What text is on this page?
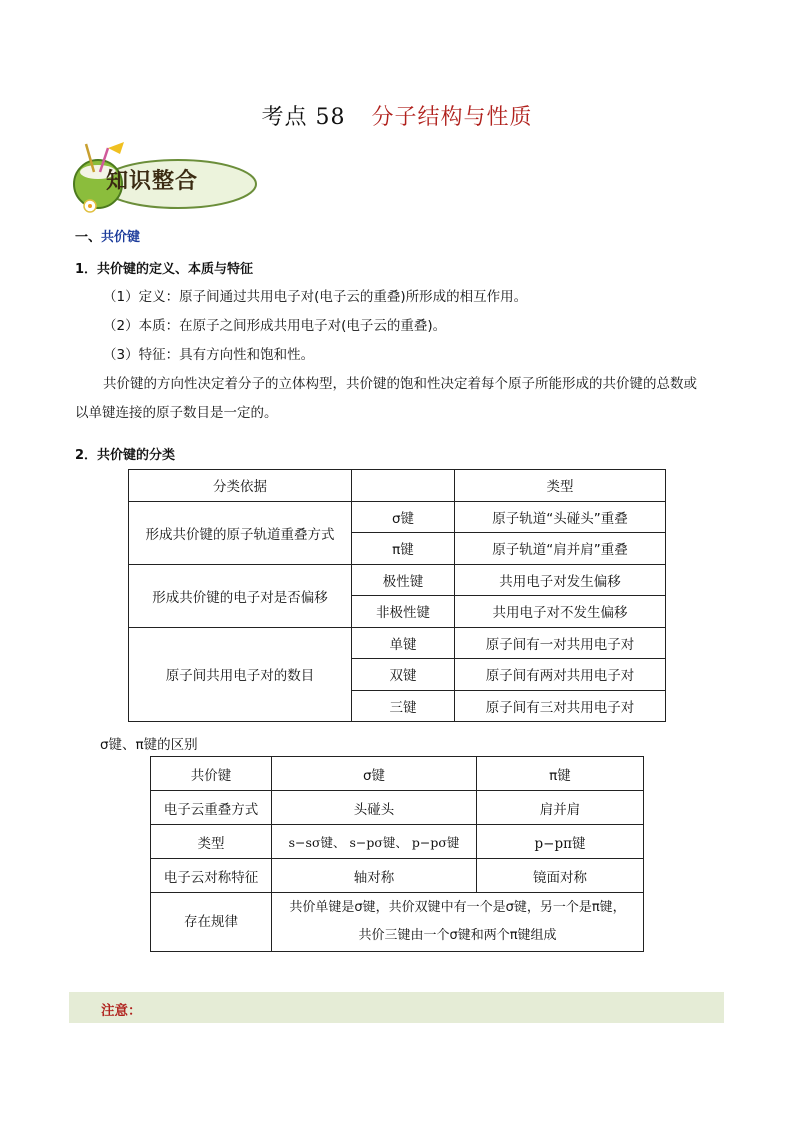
考点 58 分子结构与性质
知识整合
一、共价键
1．共价键的定义、本质与特征
（1）定义：原子间通过共用电子对(电子云的重叠)所形成的相互作用。
（2）本质：在原子之间形成共用电子对(电子云的重叠)。
（3）特征：具有方向性和饱和性。
共价键的方向性决定着分子的立体构型，共价键的饱和性决定着每个原子所能形成的共价键的总数或
以单键连接的原子数目是一定的。
2．共价键的分类
分类依据		类型
形成共价键的原子轨道重叠方式	σ键	原子轨道“头碰头”重叠
	π键	原子轨道“肩并肩”重叠
形成共价键的电子对是否偏移	极性键	共用电子对发生偏移
	非极性键	共用电子对不发生偏移
原子间共用电子对的数目	单键	原子间有一对共用电子对
	双键	原子间有两对共用电子对
	三键	原子间有三对共用电子对
σ键、π键的区别
共价键	σ键	π键
电子云重叠方式	头碰头	肩并肩
类型	s−sσ键、 s−pσ键、 p−pσ键	p−pπ键
电子云对称特征	轴对称	镜面对称
存在规律	共价单键是σ键，共价双键中有一个是σ键，另一个是π键，
共价三键由一个σ键和两个π键组成	
注意：
